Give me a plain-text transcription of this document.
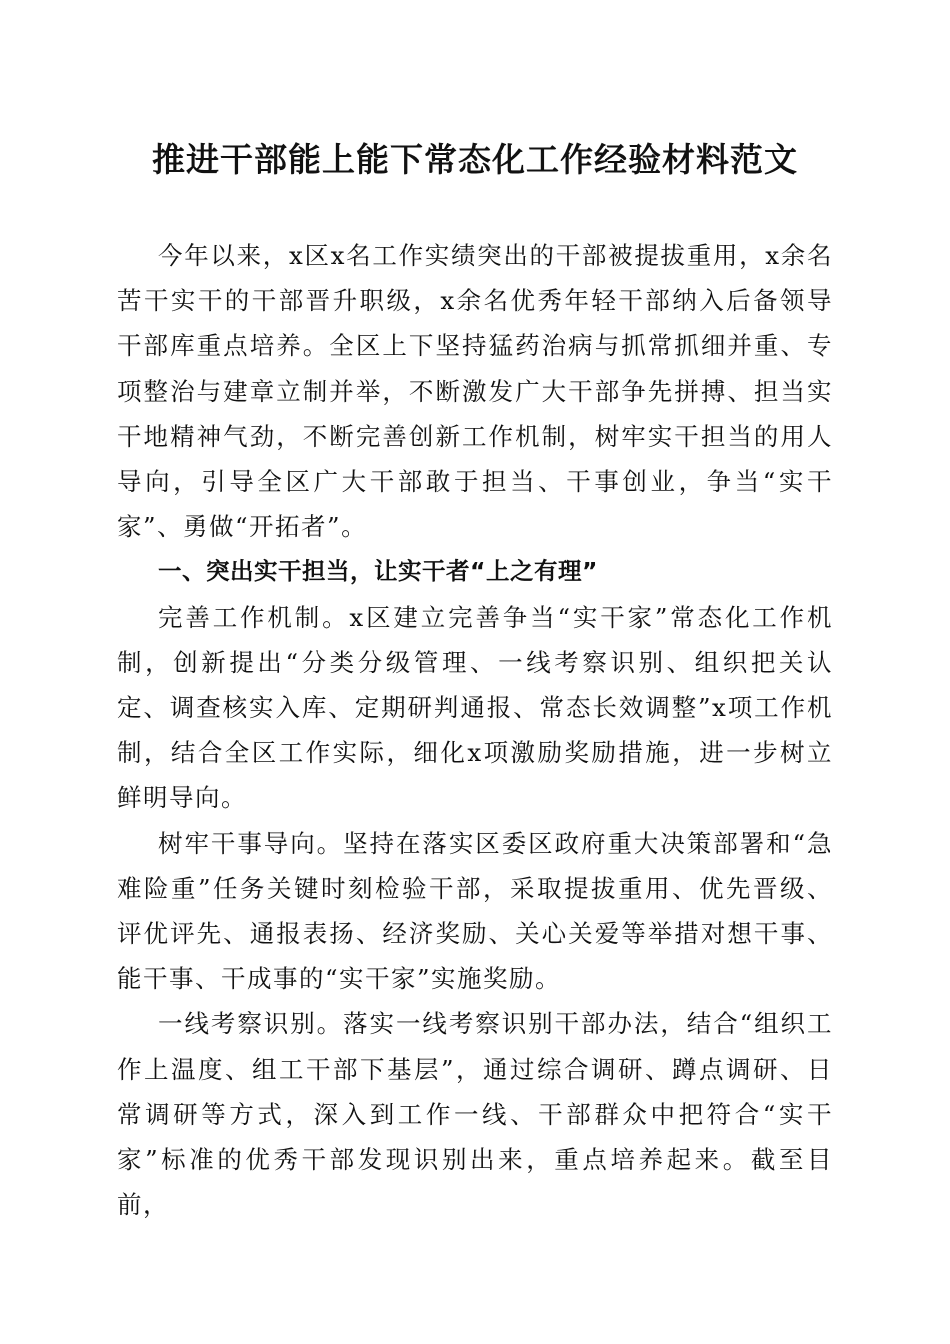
推进干部能上能下常态化工作经验材料范文

今年以来，x区x名工作实绩突出的干部被提拔重用，x余名苦干实干的干部晋升职级，x余名优秀年轻干部纳入后备领导干部库重点培养。全区上下坚持猛药治病与抓常抓细并重、专项整治与建章立制并举，不断激发广大干部争先拼搏、担当实干地精神气劲，不断完善创新工作机制，树牢实干担当的用人导向，引导全区广大干部敢于担当、干事创业，争当“实干家”、勇做“开拓者”。

一、突出实干担当，让实干者“上之有理”

完善工作机制。x区建立完善争当“实干家”常态化工作机制，创新提出“分类分级管理、一线考察识别、组织把关认定、调查核实入库、定期研判通报、常态长效调整”x项工作机制，结合全区工作实际，细化x项激励奖励措施，进一步树立鲜明导向。

树牢干事导向。坚持在落实区委区政府重大决策部署和“急难险重”任务关键时刻检验干部，采取提拔重用、优先晋级、评优评先、通报表扬、经济奖励、关心关爱等举措对想干事、能干事、干成事的“实干家”实施奖励。

一线考察识别。落实一线考察识别干部办法，结合“组织工作上温度、组工干部下基层”，通过综合调研、蹲点调研、日常调研等方式，深入到工作一线、干部群众中把符合“实干家”标准的优秀干部发现识别出来，重点培养起来。截至目前，
